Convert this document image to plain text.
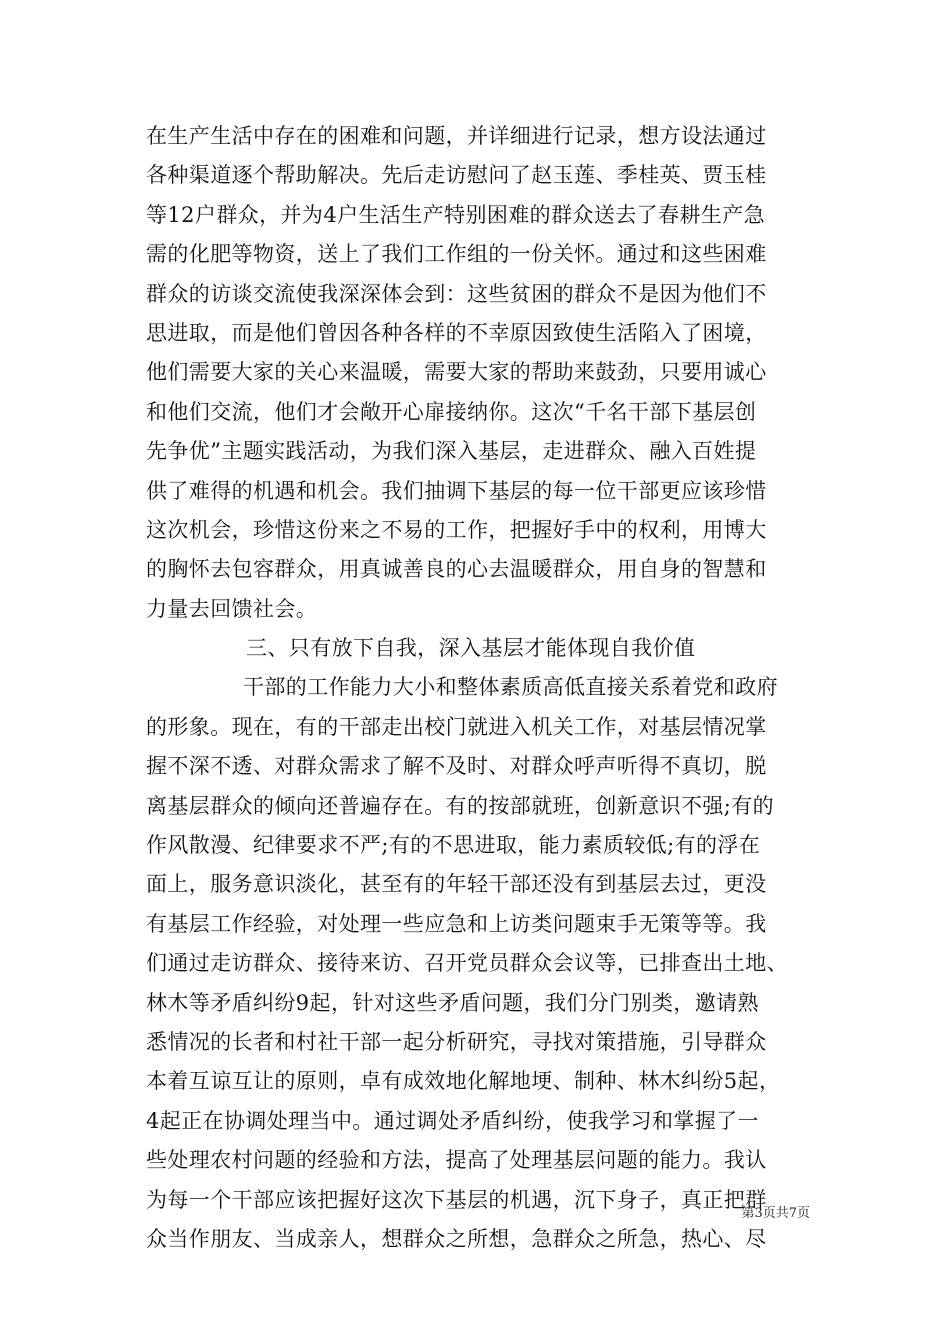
在生产生活中存在的困难和问题，并详细进行记录，想方设法通过
各种渠道逐个帮助解决。先后走访慰问了赵玉莲、季桂英、贾玉桂
等12户群众，并为4户生活生产特别困难的群众送去了春耕生产急
需的化肥等物资，送上了我们工作组的一份关怀。通过和这些困难
群众的访谈交流使我深深体会到：这些贫困的群众不是因为他们不
思进取，而是他们曾因各种各样的不幸原因致使生活陷入了困境，
他们需要大家的关心来温暖，需要大家的帮助来鼓劲，只要用诚心
和他们交流，他们才会敞开心扉接纳你。这次“千名干部下基层创
先争优”主题实践活动，为我们深入基层，走进群众、融入百姓提
供了难得的机遇和机会。我们抽调下基层的每一位干部更应该珍惜
这次机会，珍惜这份来之不易的工作，把握好手中的权利，用博大
的胸怀去包容群众，用真诚善良的心去温暖群众，用自身的智慧和
力量去回馈社会。
三、只有放下自我，深入基层才能体现自我价值
干部的工作能力大小和整体素质高低直接关系着党和政府
的形象。现在，有的干部走出校门就进入机关工作，对基层情况掌
握不深不透、对群众需求了解不及时、对群众呼声听得不真切，脱
离基层群众的倾向还普遍存在。有的按部就班，创新意识不强;有的
作风散漫、纪律要求不严;有的不思进取，能力素质较低;有的浮在
面上，服务意识淡化，甚至有的年轻干部还没有到基层去过，更没
有基层工作经验，对处理一些应急和上访类问题束手无策等等。我
们通过走访群众、接待来访、召开党员群众会议等，已排查出土地、
林木等矛盾纠纷9起，针对这些矛盾问题，我们分门别类，邀请熟
悉情况的长者和村社干部一起分析研究，寻找对策措施，引导群众
本着互谅互让的原则，卓有成效地化解地埂、制种、林木纠纷5起，
4起正在协调处理当中。通过调处矛盾纠纷，使我学习和掌握了一
些处理农村问题的经验和方法，提高了处理基层问题的能力。我认
为每一个干部应该把握好这次下基层的机遇，沉下身子，真正把群
众当作朋友、当成亲人，想群众之所想，急群众之所急，热心、尽
第3页共7页
